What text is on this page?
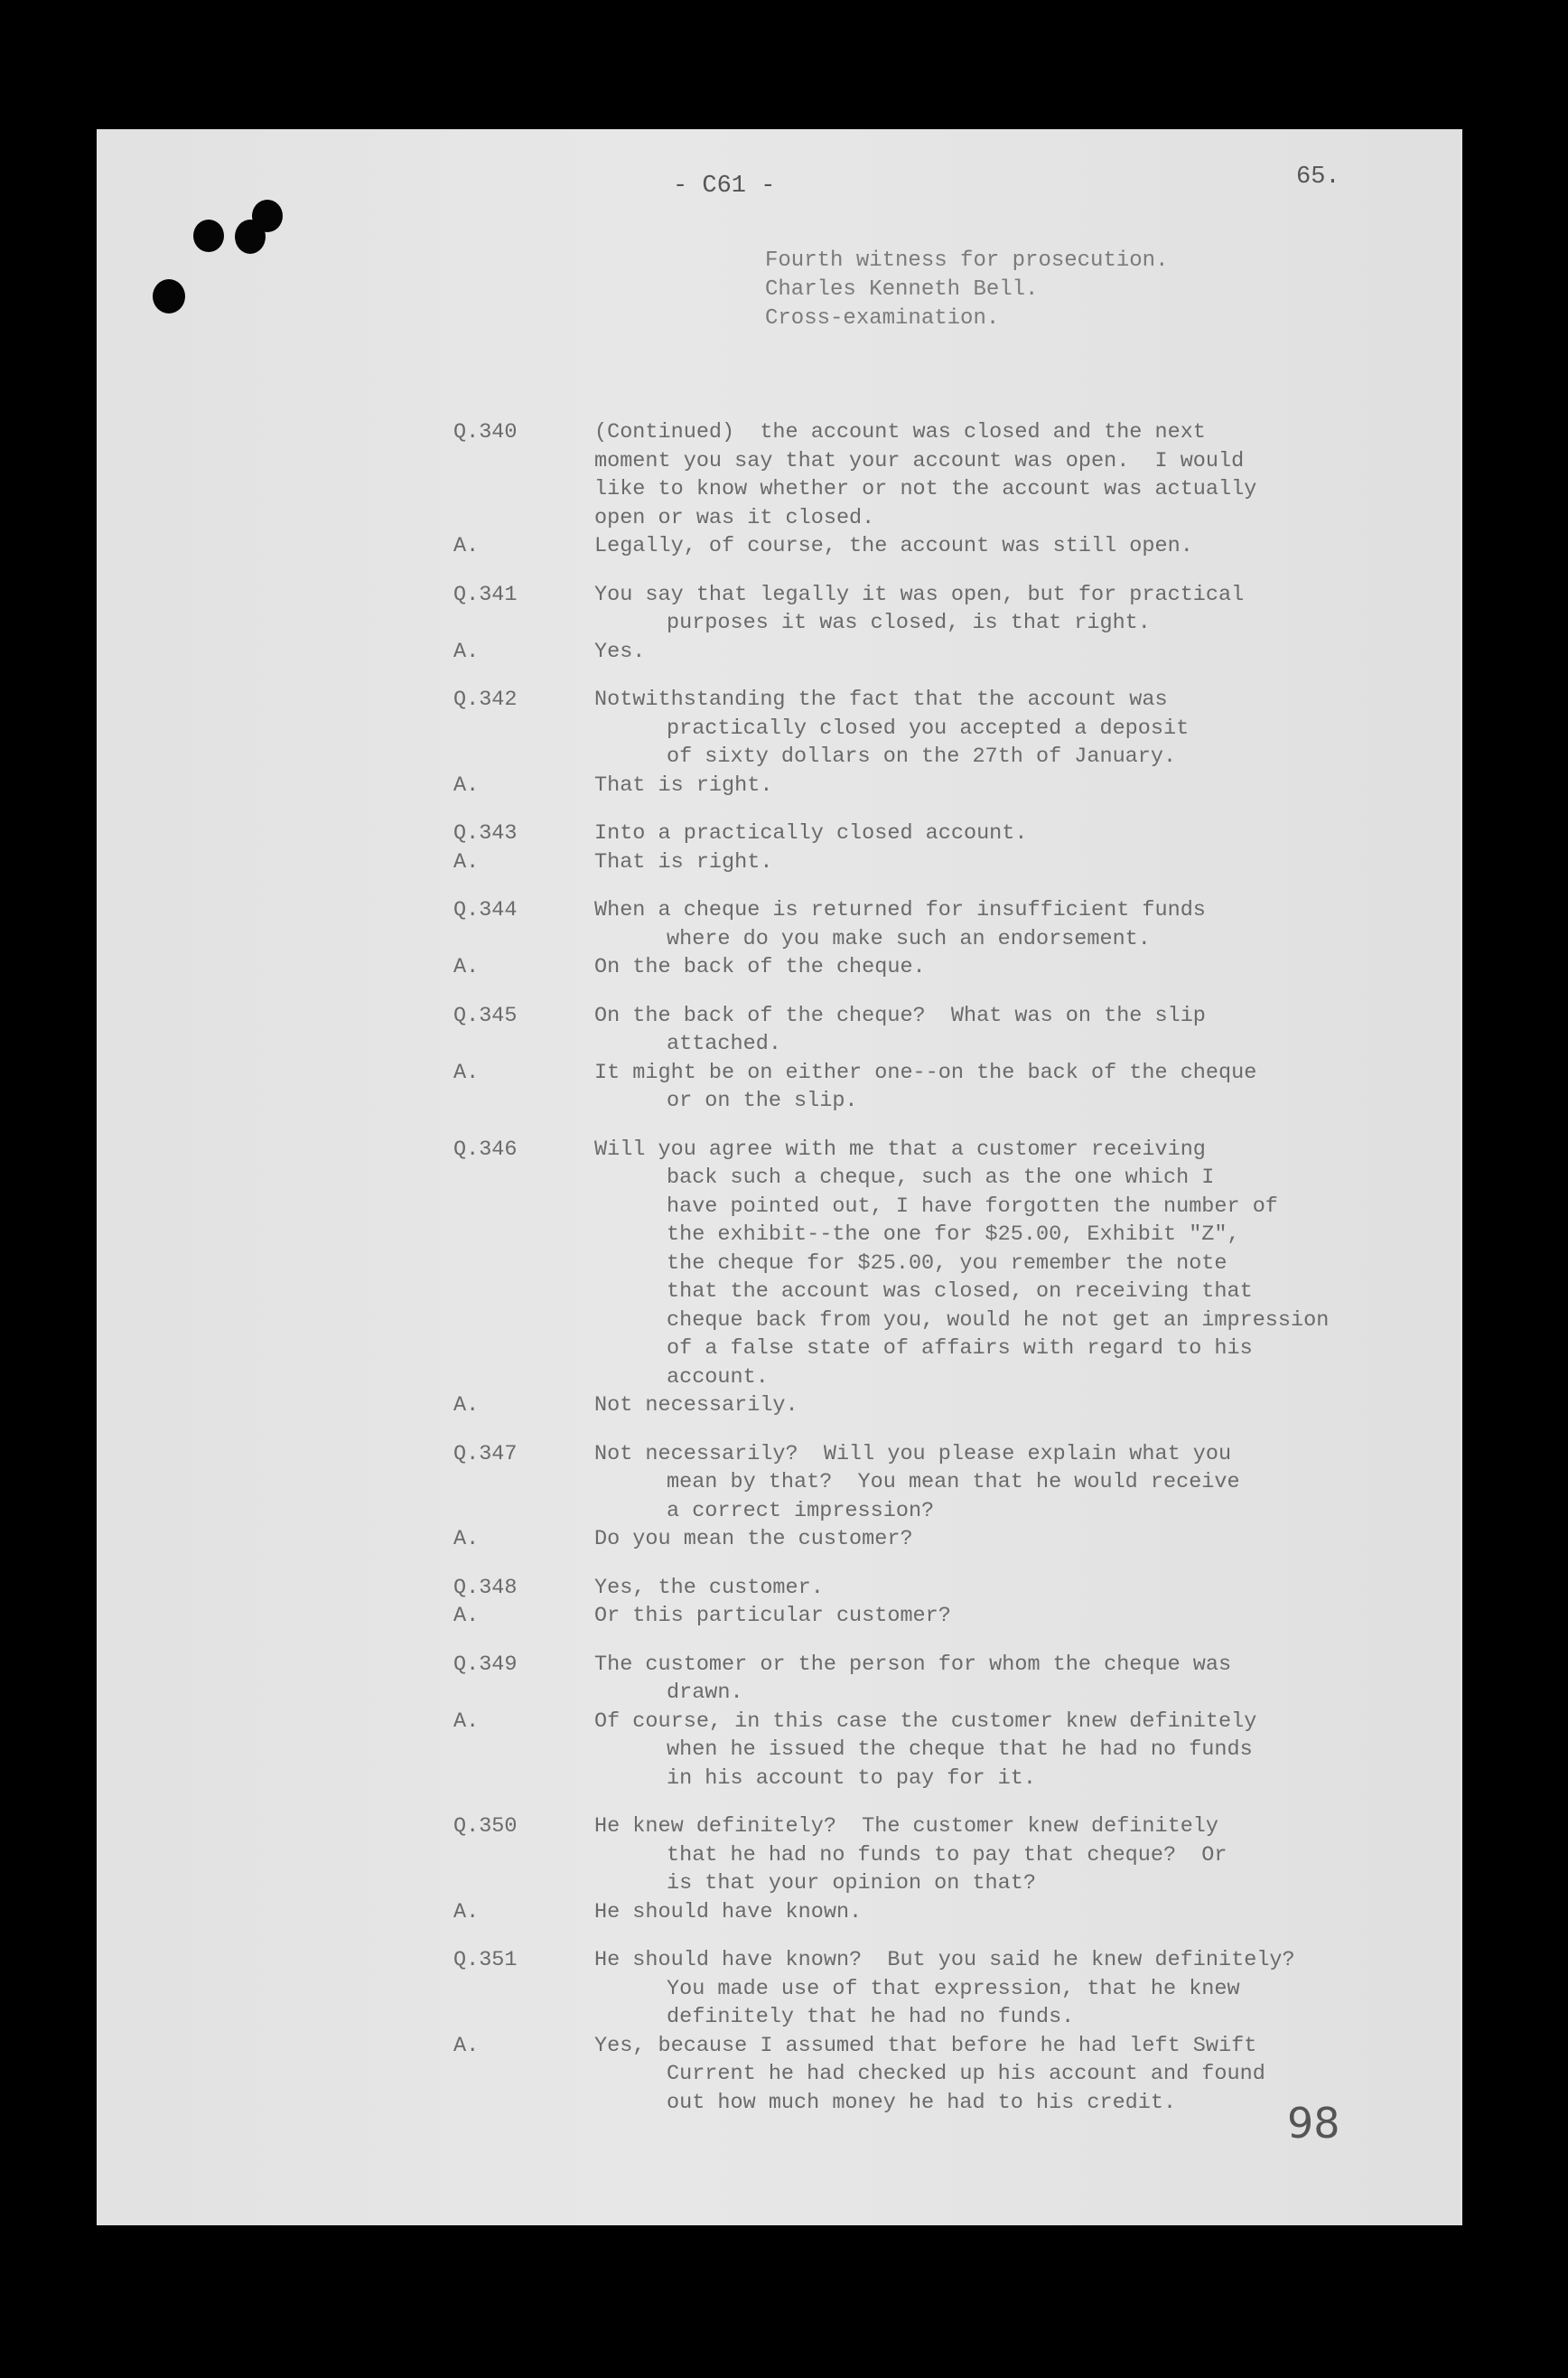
- C61 -	65.
Fourth witness for prosecution.
Charles Kenneth Bell.
Cross-examination.
Q.340	(Continued)  the account was closed and the next
moment you say that your account was open.  I would
like to know whether or not the account was actually
open or was it closed.
A.	Legally, of course, the account was still open.
Q.341	You say that legally it was open, but for practical
purposes it was closed, is that right.
A.	Yes.
Q.342	Notwithstanding the fact that the account was
practically closed you accepted a deposit
of sixty dollars on the 27th of January.
A.	That is right.
Q.343	Into a practically closed account.
A.	That is right.
Q.344	When a cheque is returned for insufficient funds
where do you make such an endorsement.
A.	On the back of the cheque.
Q.345	On the back of the cheque?  What was on the slip
attached.
A.	It might be on either one--on the back of the cheque
or on the slip.
Q.346	Will you agree with me that a customer receiving
back such a cheque, such as the one which I
have pointed out, I have forgotten the number of
the exhibit--the one for $25.00, Exhibit "Z",
the cheque for $25.00, you remember the note
that the account was closed, on receiving that
cheque back from you, would he not get an impression
of a false state of affairs with regard to his
account.
A.	Not necessarily.
Q.347	Not necessarily?  Will you please explain what you
mean by that?  You mean that he would receive
a correct impression?
A.	Do you mean the customer?
Q.348	Yes, the customer.
A.	Or this particular customer?
Q.349	The customer or the person for whom the cheque was
drawn.
A.	Of course, in this case the customer knew definitely
when he issued the cheque that he had no funds
in his account to pay for it.
Q.350	He knew definitely?  The customer knew definitely
that he had no funds to pay that cheque?  Or
is that your opinion on that?
A.	He should have known.
Q.351	He should have known?  But you said he knew definitely?
You made use of that expression, that he knew
definitely that he had no funds.
A.	Yes, because I assumed that before he had left Swift
Current he had checked up his account and found
out how much money he had to his credit.	98
